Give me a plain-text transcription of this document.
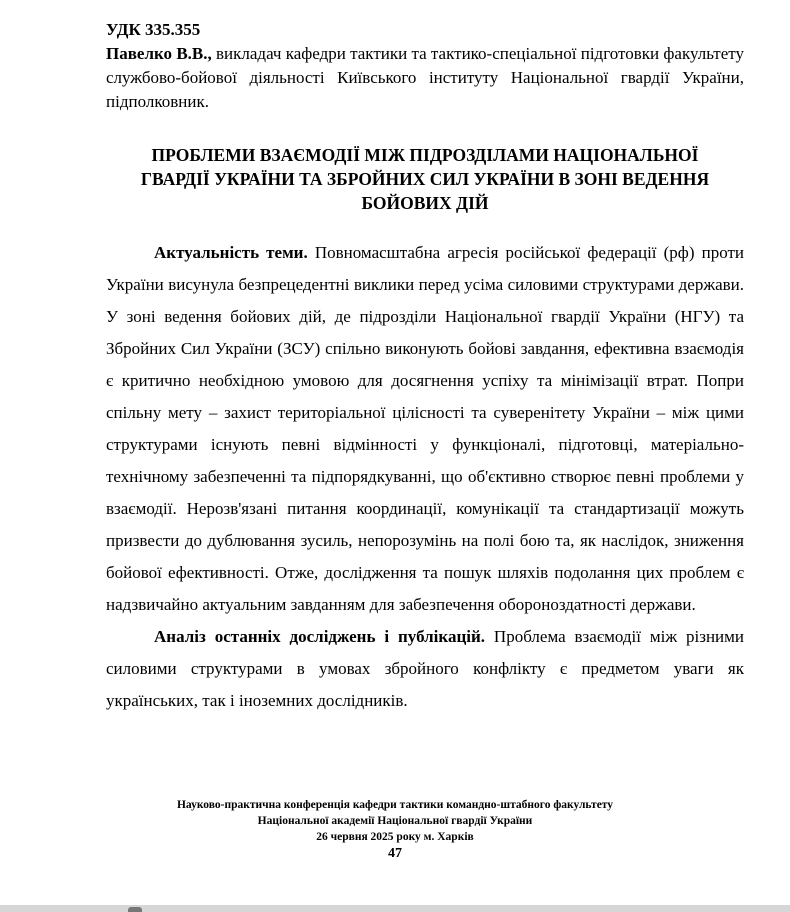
УДК 335.355
Павелко В.В., викладач кафедри тактики та тактико-спеціальної підготовки факультету службово-бойової діяльності Київського інституту Національної гвардії України, підполковник.
ПРОБЛЕМИ ВЗАЄМОДІЇ МІЖ ПІДРОЗДІЛАМИ НАЦІОНАЛЬНОЇ
ГВАРДІЇ УКРАЇНИ ТА ЗБРОЙНИХ СИЛ УКРАЇНИ В ЗОНІ ВЕДЕННЯ
БОЙОВИХ ДІЙ

Актуальність теми. Повномасштабна агресія російської федерації (рф) проти України висунула безпрецедентні виклики перед усіма силовими структурами держави. У зоні ведення бойових дій, де підрозділи Національної гвардії України (НГУ) та Збройних Сил України (ЗСУ) спільно виконують бойові завдання, ефективна взаємодія є критично необхідною умовою для досягнення успіху та мінімізації втрат. Попри спільну мету – захист територіальної цілісності та суверенітету України – між цими структурами існують певні відмінності у функціоналі, підготовці, матеріально-технічному забезпеченні та підпорядкуванні, що об'єктивно створює певні проблеми у взаємодії. Нерозв'язані питання координації, комунікації та стандартизації можуть призвести до дублювання зусиль, непорозумінь на полі бою та, як наслідок, зниження бойової ефективності. Отже, дослідження та пошук шляхів подолання цих проблем є надзвичайно актуальним завданням для забезпечення обороноздатності держави.

Аналіз останніх досліджень і публікацій. Проблема взаємодії між різними силовими структурами в умовах збройного конфлікту є предметом уваги як українських, так і іноземних дослідників.

Науково-практична конференція кафедри тактики командно-штабного факультету
Національної академії Національної гвардії України
26 червня 2025 року м. Харків
47
